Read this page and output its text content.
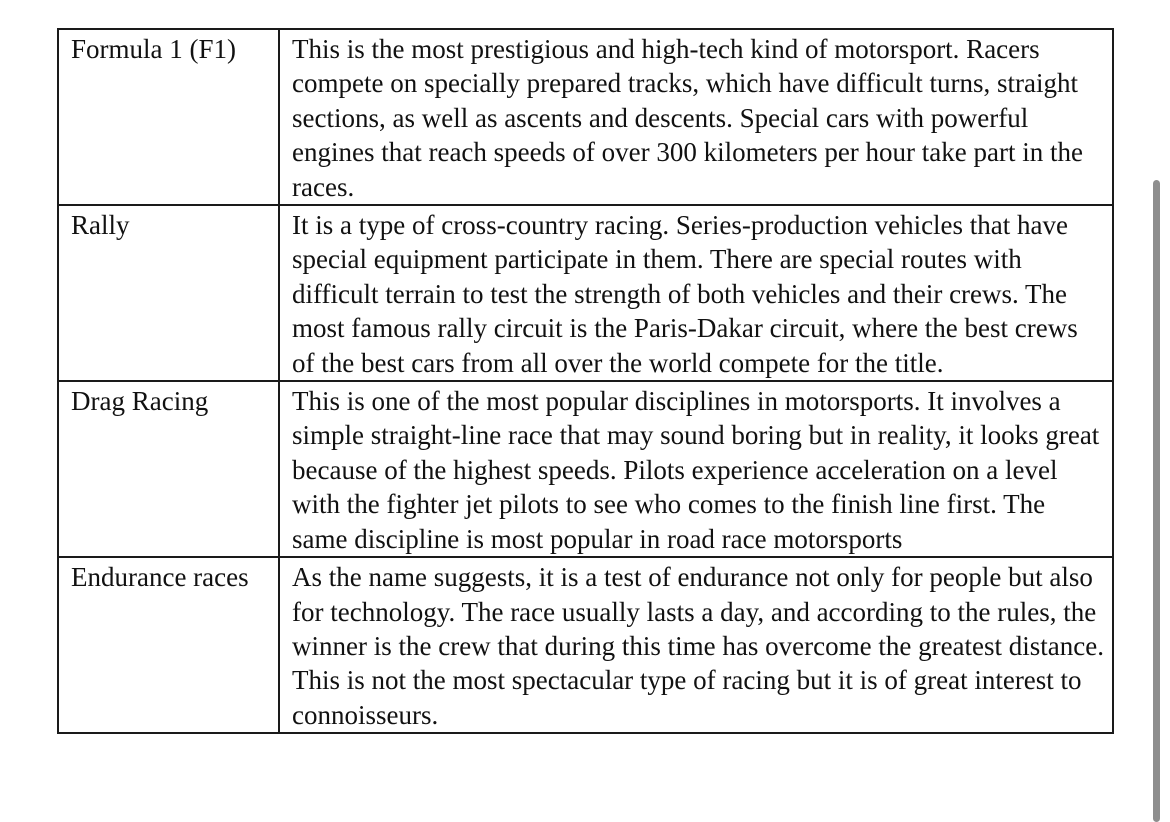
Formula 1 (F1)	This is the most prestigious and high-tech kind of motorsport. Racers compete on specially prepared tracks, which have difficult turns, straight sections, as well as ascents and descents. Special cars with powerful engines that reach speeds of over 300 kilometers per hour take part in the races.
Rally	It is a type of cross-country racing. Series-production vehicles that have special equipment participate in them. There are special routes with difficult terrain to test the strength of both vehicles and their crews. The most famous rally circuit is the Paris-Dakar circuit, where the best crews of the best cars from all over the world compete for the title.
Drag Racing	This is one of the most popular disciplines in motorsports. It involves a simple straight-line race that may sound boring but in reality, it looks great because of the highest speeds. Pilots experience acceleration on a level with the fighter jet pilots to see who comes to the finish line first. The same discipline is most popular in road race motorsports
Endurance races	As the name suggests, it is a test of endurance not only for people but also for technology. The race usually lasts a day, and according to the rules, the winner is the crew that during this time has overcome the greatest distance. This is not the most spectacular type of racing but it is of great interest to connoisseurs.
